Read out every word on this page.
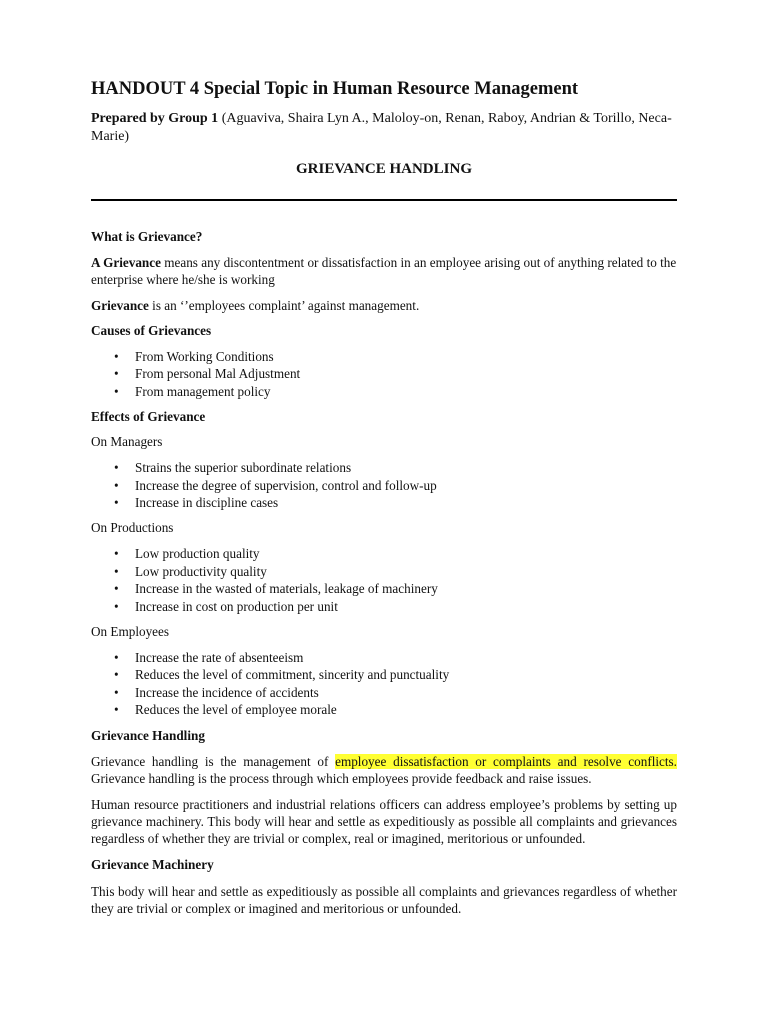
HANDOUT 4 Special Topic in Human Resource Management

Prepared by Group 1 (Aguaviva, Shaira Lyn A., Maloloy-on, Renan, Raboy, Andrian & Torillo, Neca-Marie)

GRIEVANCE HANDLING

What is Grievance?

A Grievance means any discontentment or dissatisfaction in an employee arising out of anything related to the enterprise where he/she is working

Grievance is an ‘’employees complaint’ against management.

Causes of Grievances

• From Working Conditions
• From personal Mal Adjustment
• From management policy

Effects of Grievance

On Managers

• Strains the superior subordinate relations
• Increase the degree of supervision, control and follow-up
• Increase in discipline cases

On Productions

• Low production quality
• Low productivity quality
• Increase in the wasted of materials, leakage of machinery
• Increase in cost on production per unit

On Employees

• Increase the rate of absenteeism
• Reduces the level of commitment, sincerity and punctuality
• Increase the incidence of accidents
• Reduces the level of employee morale

Grievance Handling

Grievance handling is the management of employee dissatisfaction or complaints and resolve conflicts. Grievance handling is the process through which employees provide feedback and raise issues.

Human resource practitioners and industrial relations officers can address employee’s problems by setting up grievance machinery. This body will hear and settle as expeditiously as possible all complaints and grievances regardless of whether they are trivial or complex, real or imagined, meritorious or unfounded.

Grievance Machinery

This body will hear and settle as expeditiously as possible all complaints and grievances regardless of whether they are trivial or complex or imagined and meritorious or unfounded.
